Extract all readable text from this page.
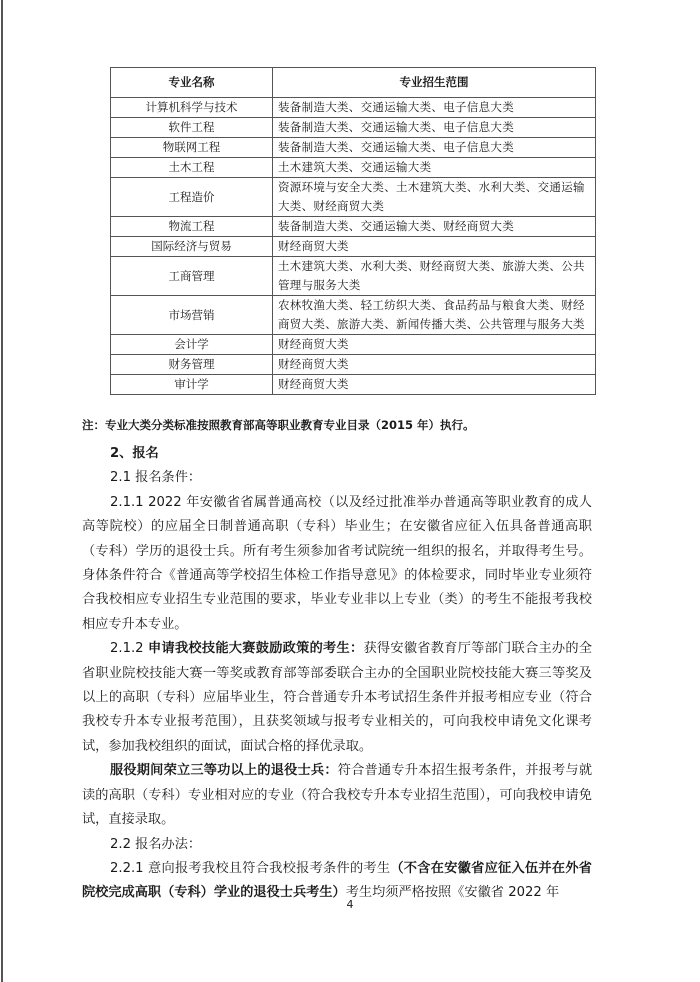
专业名称	专业招生范围
计算机科学与技术	装备制造大类、交通运输大类、电子信息大类
软件工程	装备制造大类、交通运输大类、电子信息大类
物联网工程	装备制造大类、交通运输大类、电子信息大类
土木工程	土木建筑大类、交通运输大类
工程造价	资源环境与安全大类、土木建筑大类、水利大类、交通运输大类、财经商贸大类
物流工程	装备制造大类、交通运输大类、财经商贸大类
国际经济与贸易	财经商贸大类
工商管理	土木建筑大类、水利大类、财经商贸大类、旅游大类、公共管理与服务大类
市场营销	农林牧渔大类、轻工纺织大类、食品药品与粮食大类、财经商贸大类、旅游大类、新闻传播大类、公共管理与服务大类
会计学	财经商贸大类
财务管理	财经商贸大类
审计学	财经商贸大类
注：专业大类分类标准按照教育部高等职业教育专业目录（2015 年）执行。

2、报名

2.1 报名条件：

2.1.1 2022 年安徽省省属普通高校（以及经过批准举办普通高等职业教育的成人高等院校）的应届全日制普通高职（专科）毕业生；在安徽省应征入伍具备普通高职（专科）学历的退役士兵。所有考生须参加省考试院统一组织的报名，并取得考生号。身体条件符合《普通高等学校招生体检工作指导意见》的体检要求，同时毕业专业须符合我校相应专业招生专业范围的要求，毕业专业非以上专业（类）的考生不能报考我校相应专升本专业。

2.1.2 申请我校技能大赛鼓励政策的考生：获得安徽省教育厅等部门联合主办的全省职业院校技能大赛一等奖或教育部等部委联合主办的全国职业院校技能大赛三等奖及以上的高职（专科）应届毕业生，符合普通专升本考试招生条件并报考相应专业（符合我校专升本专业报考范围），且获奖领域与报考专业相关的，可向我校申请免文化课考试，参加我校组织的面试，面试合格的择优录取。

服役期间荣立三等功以上的退役士兵：符合普通专升本招生报考条件，并报考与就读的高职（专科）专业相对应的专业（符合我校专升本专业招生范围），可向我校申请免试，直接录取。

2.2 报名办法：

2.2.1 意向报考我校且符合我校报考条件的考生（不含在安徽省应征入伍并在外省院校完成高职（专科）学业的退役士兵考生）考生均须严格按照《安徽省 2022 年

4
